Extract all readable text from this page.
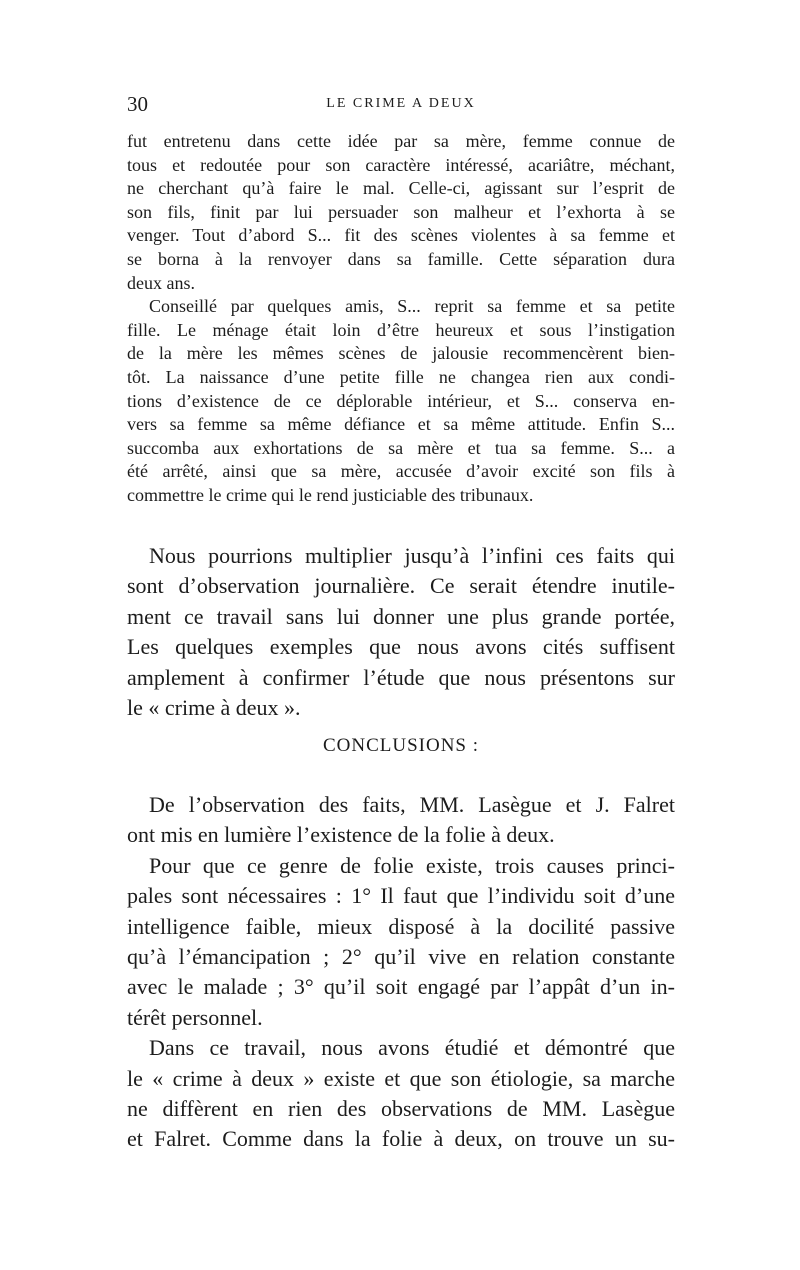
30	LE CRIME A DEUX
fut entretenu dans cette idée par sa mère, femme connue de
tous et redoutée pour son caractère intéressé, acariâtre, méchant,
ne cherchant qu’à faire le mal. Celle-ci, agissant sur l’esprit de
son fils, finit par lui persuader son malheur et l’exhorta à se
venger. Tout d’abord S... fit des scènes violentes à sa femme et
se borna à la renvoyer dans sa famille. Cette séparation dura
deux ans.
Conseillé par quelques amis, S... reprit sa femme et sa petite
fille. Le ménage était loin d’être heureux et sous l’instigation
de la mère les mêmes scènes de jalousie recommencèrent bien-
tôt. La naissance d’une petite fille ne changea rien aux condi-
tions d’existence de ce déplorable intérieur, et S... conserva en-
vers sa femme sa même défiance et sa même attitude. Enfin S...
succomba aux exhortations de sa mère et tua sa femme. S... a
été arrêté, ainsi que sa mère, accusée d’avoir excité son fils à
commettre le crime qui le rend justiciable des tribunaux.
Nous pourrions multiplier jusqu’à l’infini ces faits qui
sont d’observation journalière. Ce serait étendre inutile-
ment ce travail sans lui donner une plus grande portée,
Les quelques exemples que nous avons cités suffisent
amplement à confirmer l’étude que nous présentons sur
le « crime à deux ».
CONCLUSIONS :
De l’observation des faits, MM. Lasègue et J. Falret
ont mis en lumière l’existence de la folie à deux.
Pour que ce genre de folie existe, trois causes princi-
pales sont nécessaires : 1° Il faut que l’individu soit d’une
intelligence faible, mieux disposé à la docilité passive
qu’à l’émancipation ; 2° qu’il vive en relation constante
avec le malade ; 3° qu’il soit engagé par l’appât d’un in-
térêt personnel.
Dans ce travail, nous avons étudié et démontré que
le « crime à deux » existe et que son étiologie, sa marche
ne diffèrent en rien des observations de MM. Lasègue
et Falret. Comme dans la folie à deux, on trouve un su-
